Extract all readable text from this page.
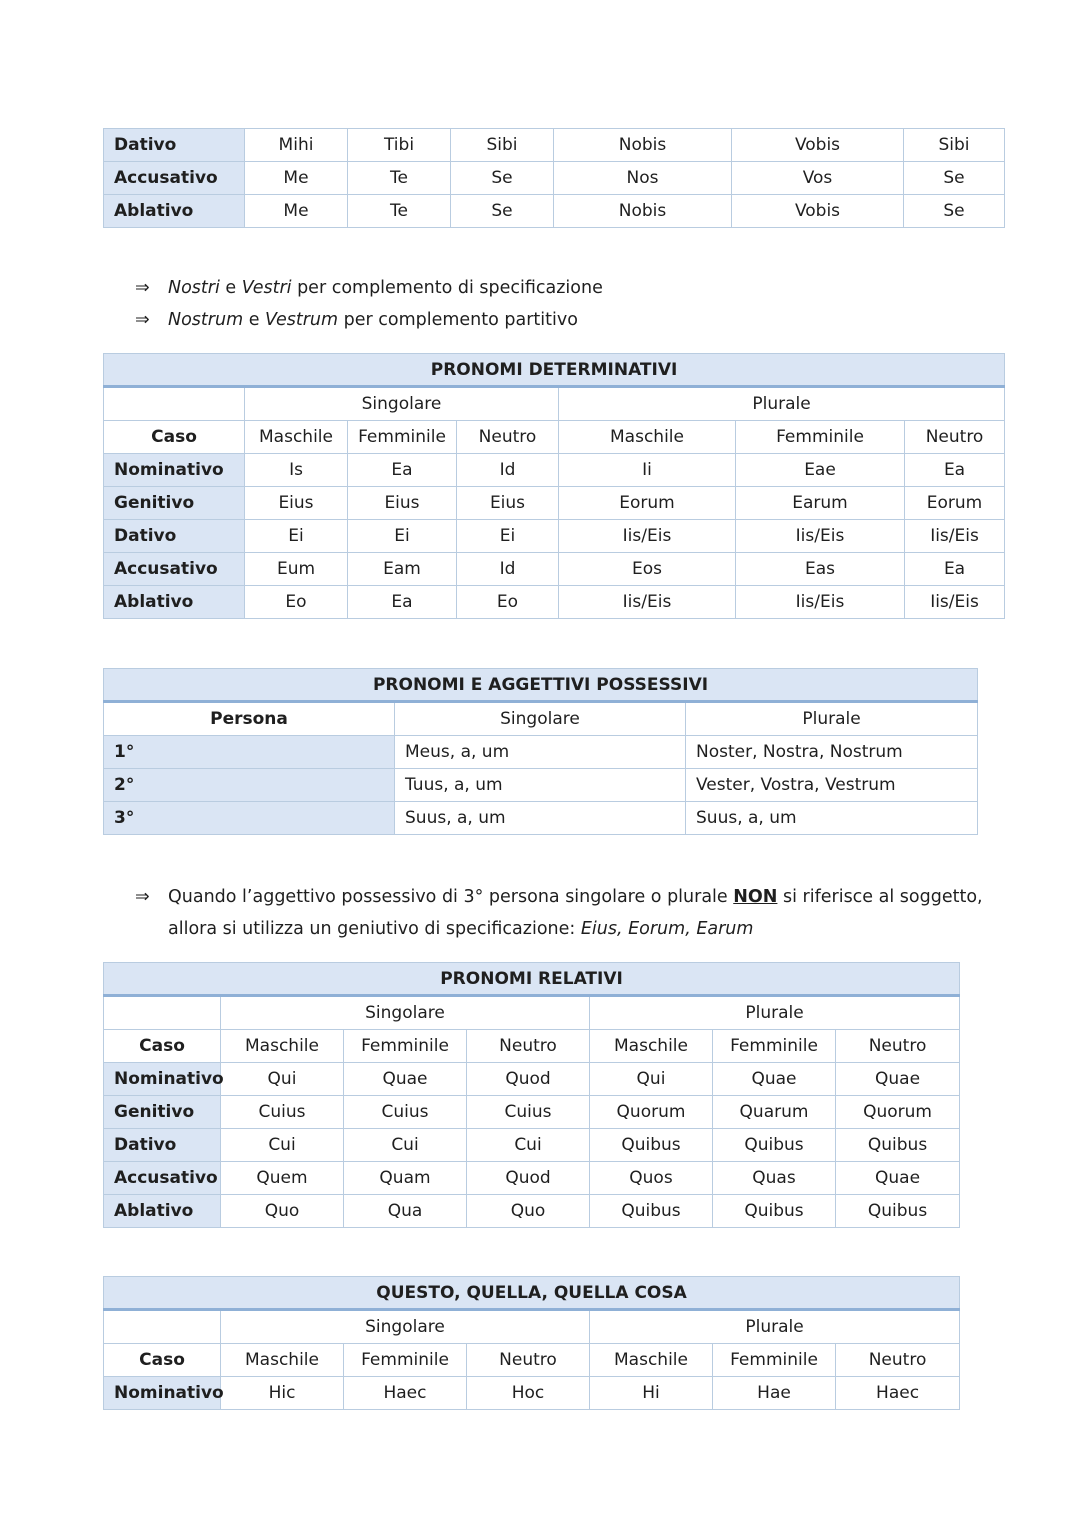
Dativo	Mihi	Tibi	Sibi	Nobis	Vobis	Sibi
Accusativo	Me	Te	Se	Nos	Vos	Se
Ablativo	Me	Te	Se	Nobis	Vobis	Se
⇒ Nostri e Vestri per complemento di specificazione
⇒ Nostrum e Vestrum per complemento partitivo
PRONOMI DETERMINATIVI						
	Singolare			Plurale		
Caso	Maschile	Femminile	Neutro	Maschile	Femminile	Neutro
Nominativo	Is	Ea	Id	Ii	Eae	Ea
Genitivo	Eius	Eius	Eius	Eorum	Earum	Eorum
Dativo	Ei	Ei	Ei	Iis/Eis	Iis/Eis	Iis/Eis
Accusativo	Eum	Eam	Id	Eos	Eas	Ea
Ablativo	Eo	Ea	Eo	Iis/Eis	Iis/Eis	Iis/Eis
PRONOMI E AGGETTIVI POSSESSIVI		
Persona	Singolare	Plurale
1°	Meus, a, um	Noster, Nostra, Nostrum
2°	Tuus, a, um	Vester, Vostra, Vestrum
3°	Suus, a, um	Suus, a, um
⇒ Quando l’aggettivo possessivo di 3° persona singolare o plurale NON si riferisce al soggetto,
allora si utilizza un geniutivo di specificazione: Eius, Eorum, Earum
PRONOMI RELATIVI						
	Singolare			Plurale		
Caso	Maschile	Femminile	Neutro	Maschile	Femminile	Neutro
Nominativo	Qui	Quae	Quod	Qui	Quae	Quae
Genitivo	Cuius	Cuius	Cuius	Quorum	Quarum	Quorum
Dativo	Cui	Cui	Cui	Quibus	Quibus	Quibus
Accusativo	Quem	Quam	Quod	Quos	Quas	Quae
Ablativo	Quo	Qua	Quo	Quibus	Quibus	Quibus
QUESTO, QUELLA, QUELLA COSA						
	Singolare			Plurale		
Caso	Maschile	Femminile	Neutro	Maschile	Femminile	Neutro
Nominativo	Hic	Haec	Hoc	Hi	Hae	Haec
